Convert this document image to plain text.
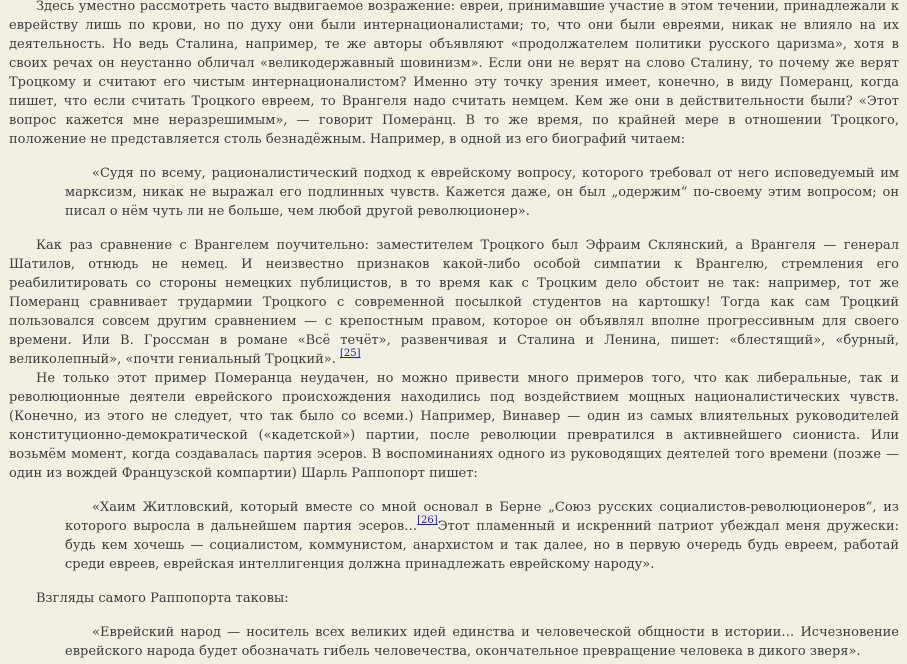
Здесь уместно рассмотреть часто выдвигаемое возражение: евреи, принимавшие участие в этом течении, принадлежали к еврейству лишь по крови, но по духу они были интернационалистами; то, что они были евреями, никак не влияло на их деятельность. Но ведь Сталина, например, те же авторы объявляют «продолжателем политики русского царизма», хотя в своих речах он неустанно обличал «великодержавный шовинизм». Если они не верят на слово Сталину, то почему же верят Троцкому и считают его чистым интернационалистом? Именно эту точку зрения имеет, конечно, в виду Померанц, когда пишет, что если считать Троцкого евреем, то Врангеля надо считать немцем. Кем же они в действительности были? «Этот вопрос кажется мне неразрешимым», — говорит Померанц. В то же время, по крайней мере в отношении Троцкого, положение не представляется столь безнадёжным. Например, в одной из его биографий читаем:

«Судя по всему, рационалистический подход к еврейскому вопросу, которого требовал от него исповедуемый им марксизм, никак не выражал его подлинных чувств. Кажется даже, он был „одержим“ по-своему этим вопросом; он писал о нём чуть ли не больше, чем любой другой революционер».

Как раз сравнение с Врангелем поучительно: заместителем Троцкого был Эфраим Склянский, а Врангеля — генерал Шатилов, отнюдь не немец. И неизвестно признаков какой-либо особой симпатии к Врангелю, стремления его реабилитировать со стороны немецких публицистов, в то время как с Троцким дело обстоит не так: например, тот же Померанц сравнивает трудармии Троцкого с современной посылкой студентов на картошку! Тогда как сам Троцкий пользовался совсем другим сравнением — с крепостным правом, которое он объявлял вполне прогрессивным для своего времени. Или В. Гроссман в романе «Всё течёт», развенчивая и Сталина и Ленина, пишет: «блестящий», «бурный, великолепный», «почти гениальный Троцкий». [25]

Не только этот пример Померанца неудачен, но можно привести много примеров того, что как либеральные, так и революционные деятели еврейского происхождения находились под воздействием мощных националистических чувств. (Конечно, из этого не следует, что так было со всеми.) Например, Винавер — один из самых влиятельных руководителей конституционно-демократической («кадетской») партии, после революции превратился в активнейшего сиониста. Или возьмём момент, когда создавалась партия эсеров. В воспоминаниях одного из руководящих деятелей того времени (позже — один из вождей Французской компартии) Шарль Раппопорт пишет:

«Хаим Житловский, который вместе со мной основал в Берне „Союз русских социалистов-революционеров“, из которого выросла в дальнейшем партия эсеров…[26]Этот пламенный и искренний патриот убеждал меня дружески: будь кем хочешь — социалистом, коммунистом, анархистом и так далее, но в первую очередь будь евреем, работай среди евреев, еврейская интеллигенция должна принадлежать еврейскому народу».

Взгляды самого Раппопорта таковы:

«Еврейский народ — носитель всех великих идей единства и человеческой общности в истории… Исчезновение еврейского народа будет обозначать гибель человечества, окончательное превращение человека в дикого зверя».
